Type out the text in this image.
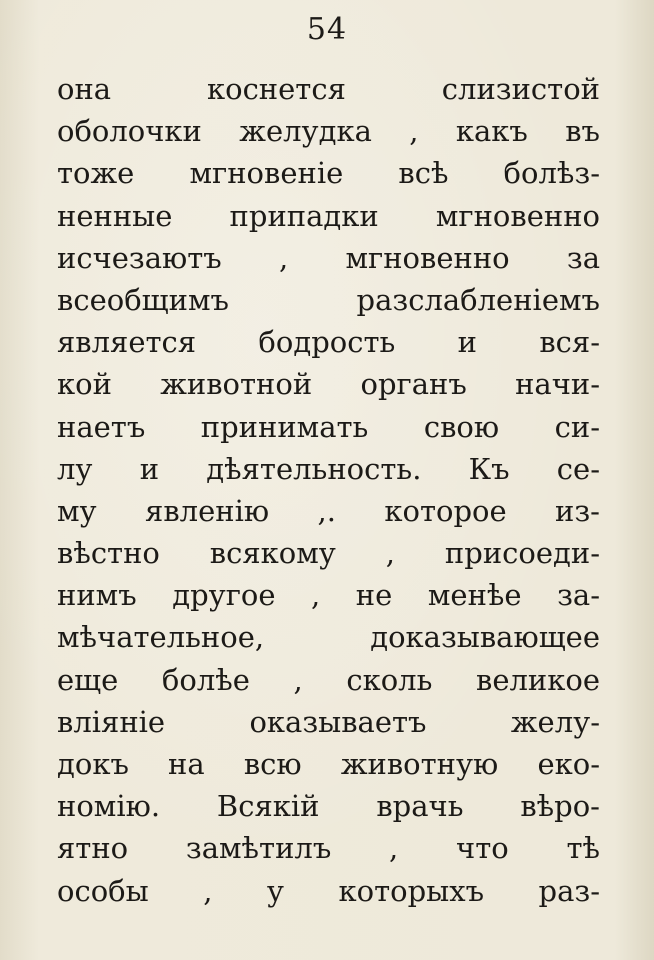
54
она коснется слизистой
оболочки желудка , какъ въ
тоже мгновеніе всѣ болѣз-
ненные припадки мгновенно
исчезаютъ , мгновенно за
всеобщимъ разслабленіемъ
является бодрость и вся-
кой животной органъ начи-
наетъ принимать свою си-
лу и дѣятельность. Къ се-
му явленію ,. которое из-
вѣстно всякому , присоеди-
нимъ другое , не менѣе за-
мѣчательное, доказывающее
еще болѣе , сколь великое
вліяніе оказываетъ желу-
докъ на всю животную еко-
номію. Всякій врачь вѣро-
ятно замѣтилъ , что тѣ
особы , у которыхъ раз-
